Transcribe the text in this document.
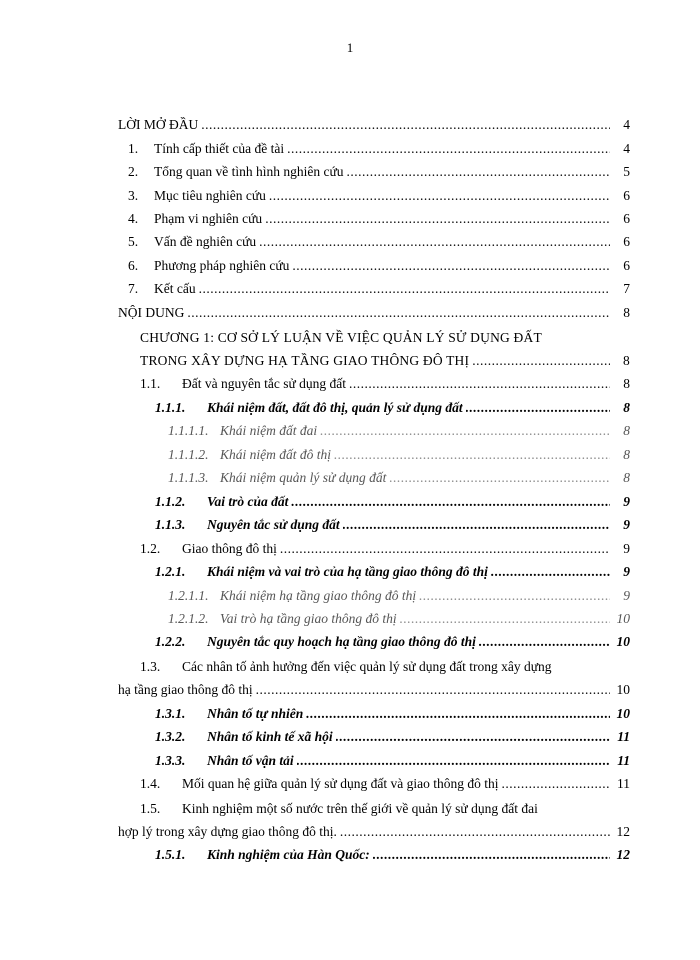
1
LỜI MỞ ĐẦU .....	4
1.	Tính cấp thiết của đề tài .....	4
2.	Tổng quan về tình hình nghiên cứu .....	5
3.	Mục tiêu nghiên cứu .....	6
4.	Phạm vi nghiên cứu .....	6
5.	Vấn đề nghiên cứu .....	6
6.	Phương pháp nghiên cứu .....	6
7.	Kết cấu .....	7
NỘI DUNG .....	8
CHƯƠNG 1: CƠ SỞ LÝ LUẬN VỀ VIỆC QUẢN LÝ SỬ DỤNG ĐẤT
TRONG XÂY DỰNG HẠ TẦNG GIAO THÔNG ĐÔ THỊ .....	8
1.1.	Đất và nguyên tắc sử dụng đất .....	8
1.1.1.	Khái niệm đất, đất đô thị, quản lý sử dụng đất .....	8
1.1.1.1. Khái niệm đất đai .....	8
1.1.1.2. Khái niệm đất đô thị .....	8
1.1.1.3. Khái niệm quản lý sử dụng đất .....	8
1.1.2.	Vai trò của đất .....	9
1.1.3.	Nguyên tắc sử dụng đất .....	9
1.2.	Giao thông đô thị .....	9
1.2.1.	Khái niệm và vai trò của hạ tầng giao thông đô thị .....	9
1.2.1.1. Khái niệm hạ tầng giao thông đô thị .....	9
1.2.1.2. Vai trò hạ tầng giao thông đô thị .....	10
1.2.2.	Nguyên tắc quy hoạch hạ tầng giao thông đô thị .....	10
1.3. Các nhân tố ảnh hưởng đến việc quản lý sử dụng đất trong xây dựng
hạ tầng giao thông đô thị .....	10
1.3.1.	Nhân tố tự nhiên .....	10
1.3.2.	Nhân tố kinh tế xã hội .....	11
1.3.3.	Nhân tố vận tải .....	11
1.4.	Mối quan hệ giữa quản lý sử dụng đất và giao thông đô thị .....	11
1.5. Kinh nghiệm một số nước trên thế giới về quản lý sử dụng đất đai
hợp lý trong xây dựng giao thông đô thị. .....	12
1.5.1.	Kinh nghiệm của Hàn Quốc: .....	12
